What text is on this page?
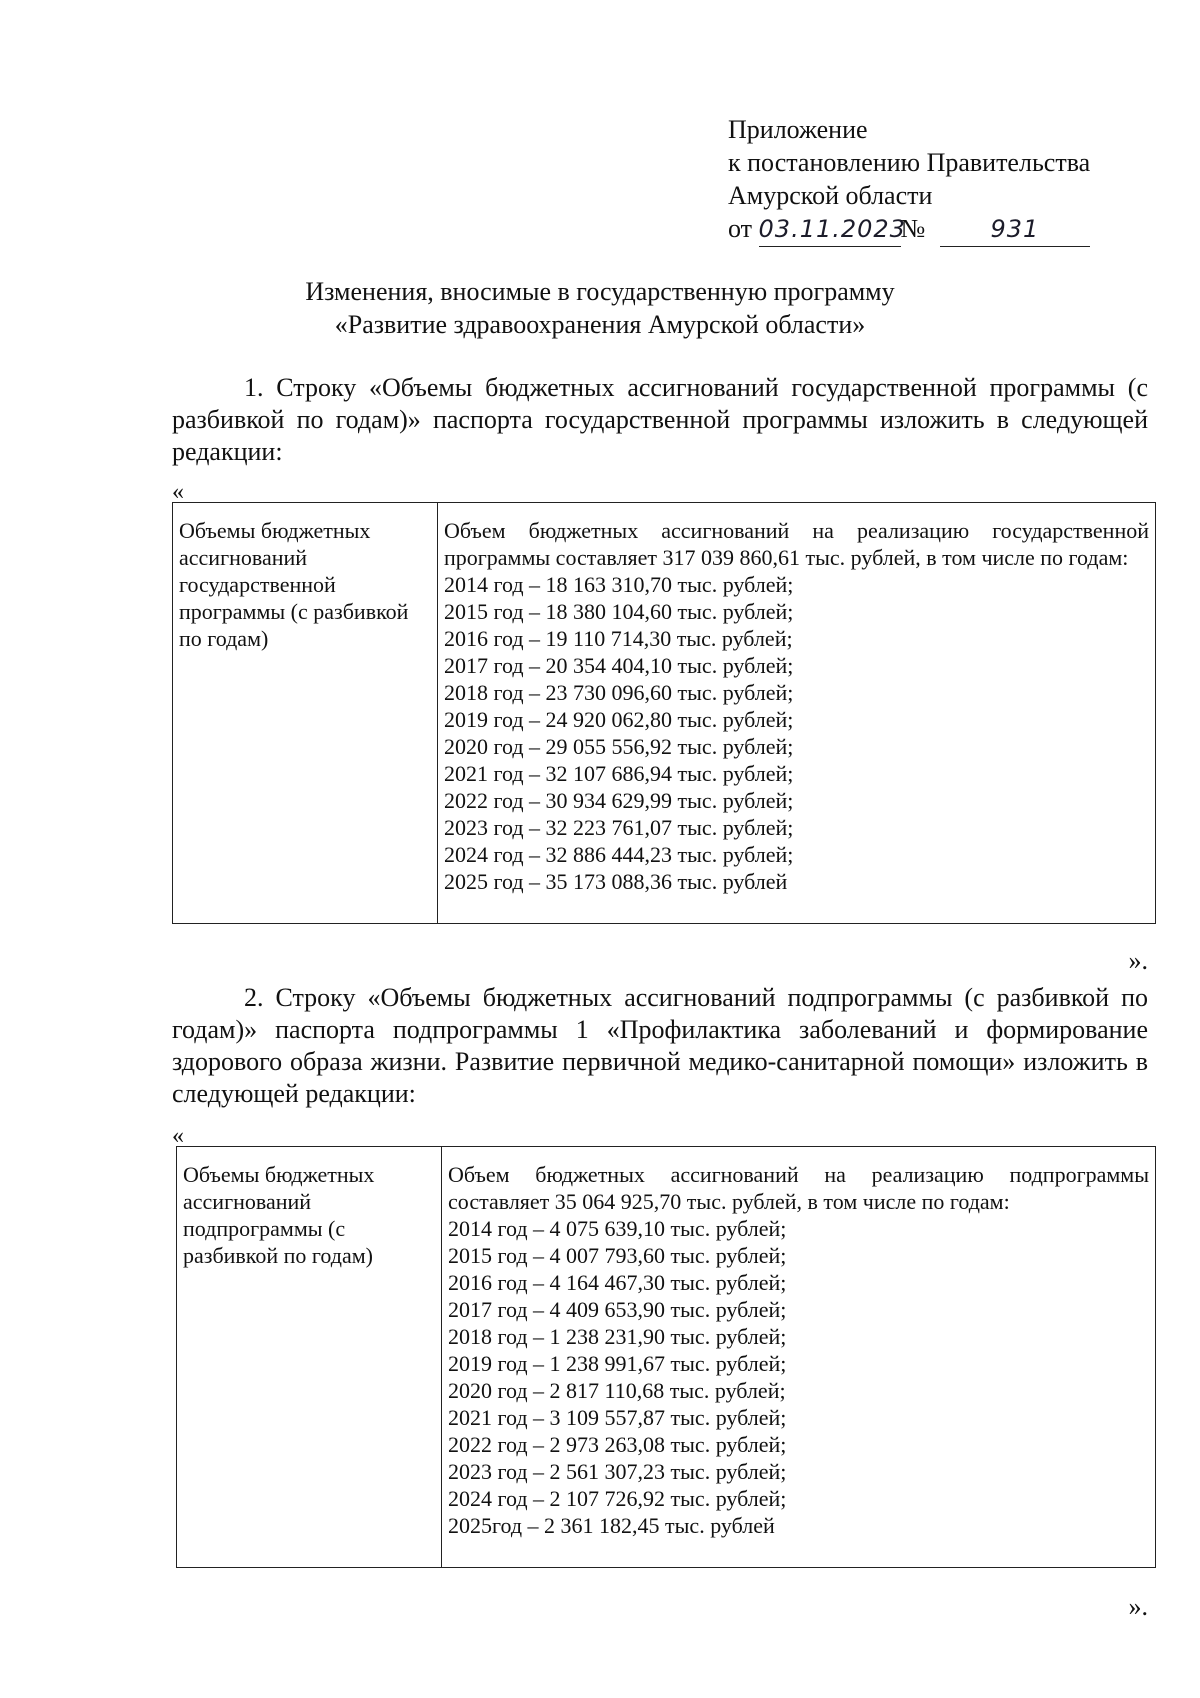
Приложение
к постановлению Правительства
Амурской области
от 03.11.2023№	931
Изменения, вносимые в государственную программу
«Развитие здравоохранения Амурской области»

1. Строку «Объемы бюджетных ассигнований государственной программы (с разбивкой по годам)» паспорта государственной программы изложить в следующей редакции:

«
Объемы бюджетных ассигнований государственной программы (с разбивкой по годам)	
Объем бюджетных ассигнований на реализацию государственной программы составляет 317 039 860,61 тыс. рублей, в том числе по годам:
2014 год – 18 163 310,70 тыс. рублей;
2015 год – 18 380 104,60 тыс. рублей;
2016 год – 19 110 714,30 тыс. рублей;
2017 год – 20 354 404,10 тыс. рублей;
2018 год – 23 730 096,60 тыс. рублей;
2019 год – 24 920 062,80 тыс. рублей;
2020 год – 29 055 556,92 тыс. рублей;
2021 год – 32 107 686,94 тыс. рублей;
2022 год – 30 934 629,99 тыс. рублей;
2023 год – 32 223 761,07 тыс. рублей;
2024 год – 32 886 444,23 тыс. рублей;
2025 год – 35 173 088,36 тыс. рублей
».

2. Строку «Объемы бюджетных ассигнований подпрограммы (с разбивкой по годам)» паспорта подпрограммы 1 «Профилактика заболеваний и формирование здорового образа жизни. Развитие первичной медико-санитарной помощи» изложить в следующей редакции:

«
Объемы бюджетных ассигнований подпрограммы (с разбивкой по годам)	
Объем бюджетных ассигнований на реализацию подпрограммы составляет 35 064 925,70 тыс. рублей, в том числе по годам:
2014 год – 4 075 639,10 тыс. рублей;
2015 год – 4 007 793,60 тыс. рублей;
2016 год – 4 164 467,30 тыс. рублей;
2017 год – 4 409 653,90 тыс. рублей;
2018 год – 1 238 231,90 тыс. рублей;
2019 год – 1 238 991,67 тыс. рублей;
2020 год – 2 817 110,68 тыс. рублей;
2021 год – 3 109 557,87 тыс. рублей;
2022 год – 2 973 263,08 тыс. рублей;
2023 год – 2 561 307,23 тыс. рублей;
2024 год – 2 107 726,92 тыс. рублей;
2025год – 2 361 182,45 тыс. рублей
».
